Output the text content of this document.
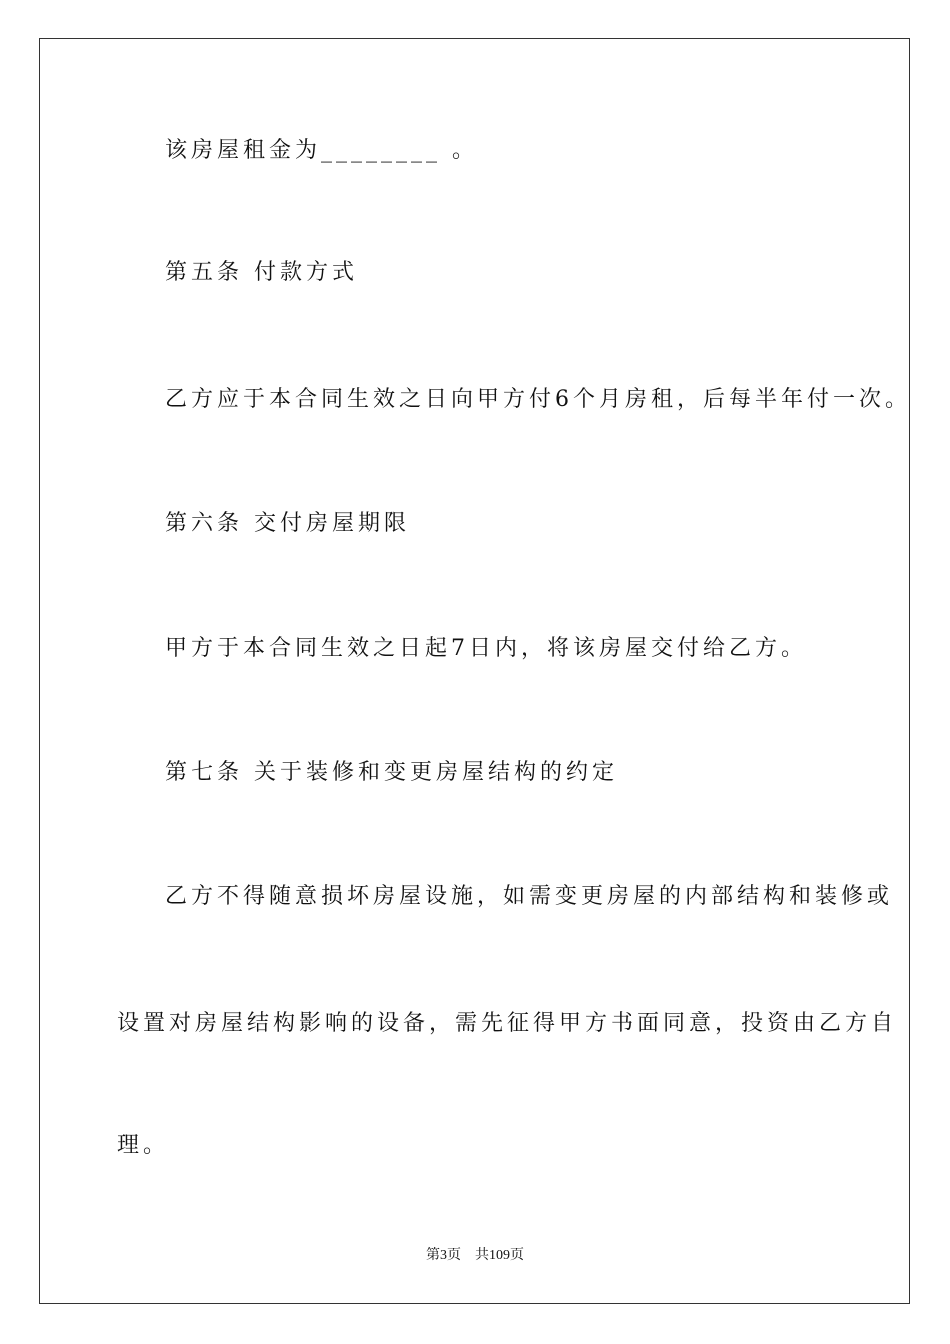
该房屋租金为________ 。
第五条 付款方式
乙方应于本合同生效之日向甲方付6个月房租，后每半年付一次。
第六条 交付房屋期限
甲方于本合同生效之日起7日内，将该房屋交付给乙方。
第七条 关于装修和变更房屋结构的约定
乙方不得随意损坏房屋设施，如需变更房屋的内部结构和装修或
设置对房屋结构影响的设备，需先征得甲方书面同意，投资由乙方自
理。
第3页 共109页
